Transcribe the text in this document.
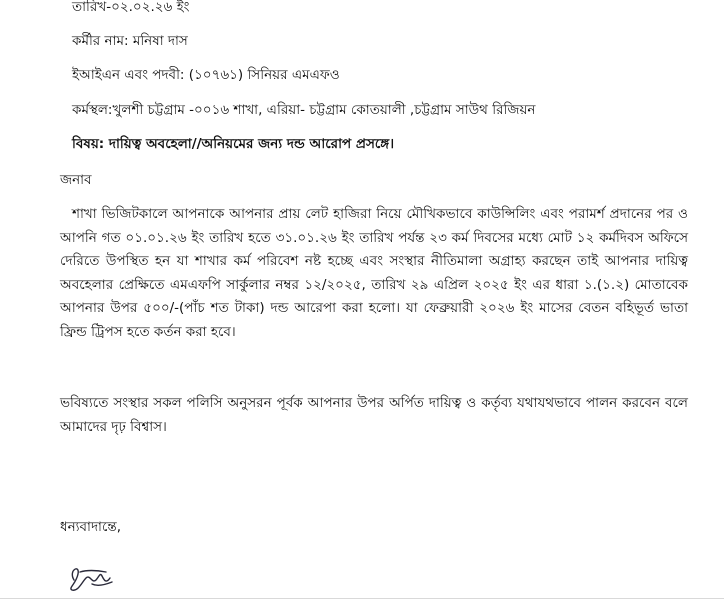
তারিখ-০২.০২.২৬ ইং
কর্মীর নাম: মনিষা দাস
ইআইএন এবং পদবী: (১০৭৬১) সিনিয়র এমএফও
কর্মস্থল:খুলশী চট্টগ্রাম -০০১৬ শাখা, এরিয়া- চট্টগ্রাম কোতয়ালী ,চট্টগ্রাম সাউথ রিজিয়ন
বিষয়: দায়িত্ব অবহেলা//অনিয়মের জন্য দন্ড আরোপ প্রসঙ্গে।
জনাব
শাখা ভিজিটকালে আপনাকে আপনার প্রায় লেট হাজিরা নিয়ে মৌখিকভাবে কাউন্সিলিং এবং পরামর্শ প্রদানের পর ও আপনি গত ০১.০১.২৬ ইং তারিখ হতে ৩১.০১.২৬ ইং তারিখ পর্যন্ত ২৩ কর্ম দিবসের মধ্যে মোট ১২ কর্মদিবস অফিসে দেরিতে উপস্থিত হন যা শাখার কর্ম পরিবেশ নষ্ট হচ্ছে এবং সংস্থার নীতিমালা অগ্রাহ্য করছেন তাই আপনার দায়িত্ব অবহেলার প্রেক্ষিতে এমএফপি সার্কুলার নম্বর ১২/২০২৫, তারিখ ২৯ এপ্রিল ২০২৫ ইং এর ধারা ১.(১.২) মোতাবেক আপনার উপর ৫০০/-(পাঁচ শত টাকা) দন্ড আরেপা করা হলো। যা ফেব্রুয়ারী ২০২৬ ইং মাসের বেতন বহিভূর্ত ভাতা ফ্রিন্ড ট্রিপস হতে কর্তন করা হবে।
ভবিষ্যতে সংস্থার সকল পলিসি অনুসরন পূর্বক আপনার উপর অর্পিত দায়িত্ব ও কর্তৃব্য যথাযথভাবে পালন করবেন বলে আমাদের দৃঢ় বিশ্বাস।
ধন্যবাদান্তে,
